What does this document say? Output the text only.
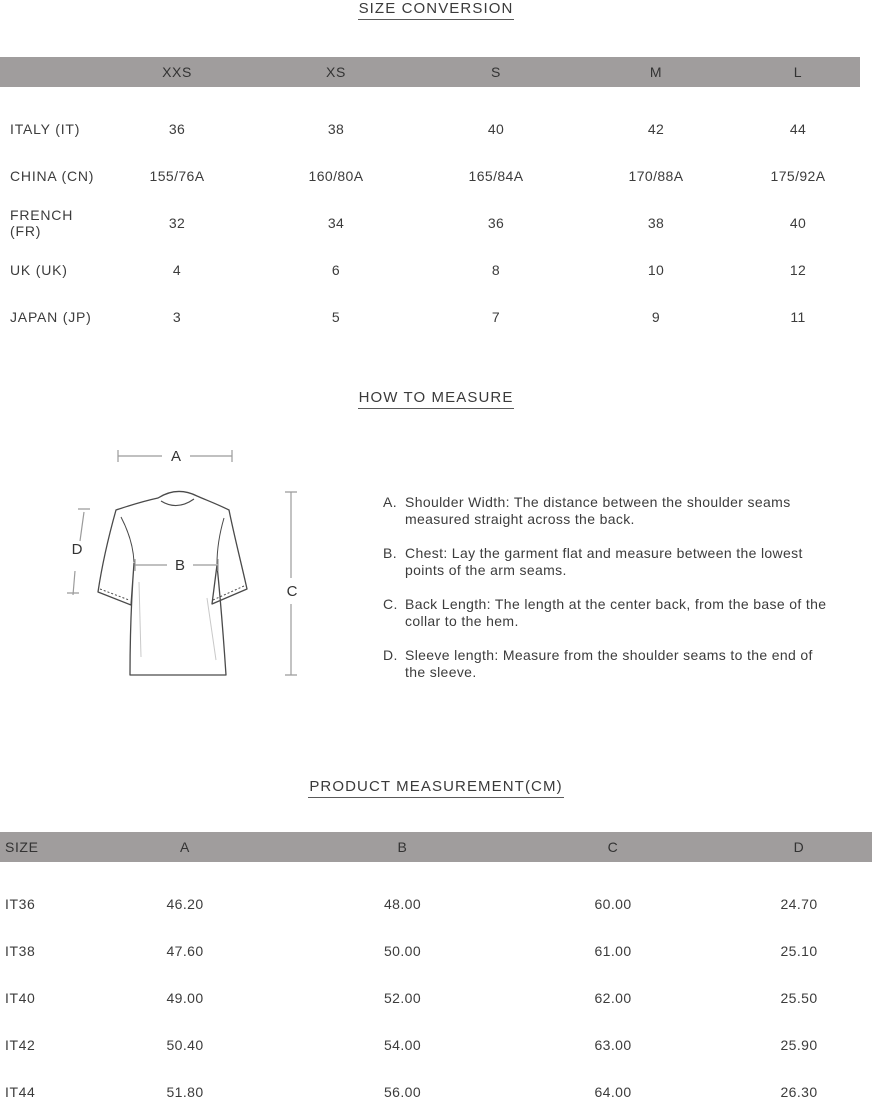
SIZE CONVERSION
	XXS	XS	S	M	L

ITALY (IT)	36	38	40	42	44
CHINA (CN)	155/76A	160/80A	165/84A	170/88A	175/92A
FRENCH (FR)	32	34	36	38	40
UK (UK)	4	6	8	10	12
JAPAN (JP)	3	5	7	9	11
HOW TO MEASURE
A
B
C
D
A. Shoulder Width: The distance between the shoulder seams measured straight across the back.
B. Chest: Lay the garment flat and measure between the lowest points of the arm seams.
C. Back Length: The length at the center back, from the base of the collar to the hem.
D. Sleeve length: Measure from the shoulder seams to the end of the sleeve.
PRODUCT MEASUREMENT(CM)
SIZE	A	B	C	D

IT36	46.20	48.00	60.00	24.70
IT38	47.60	50.00	61.00	25.10
IT40	49.00	52.00	62.00	25.50
IT42	50.40	54.00	63.00	25.90
IT44	51.80	56.00	64.00	26.30
